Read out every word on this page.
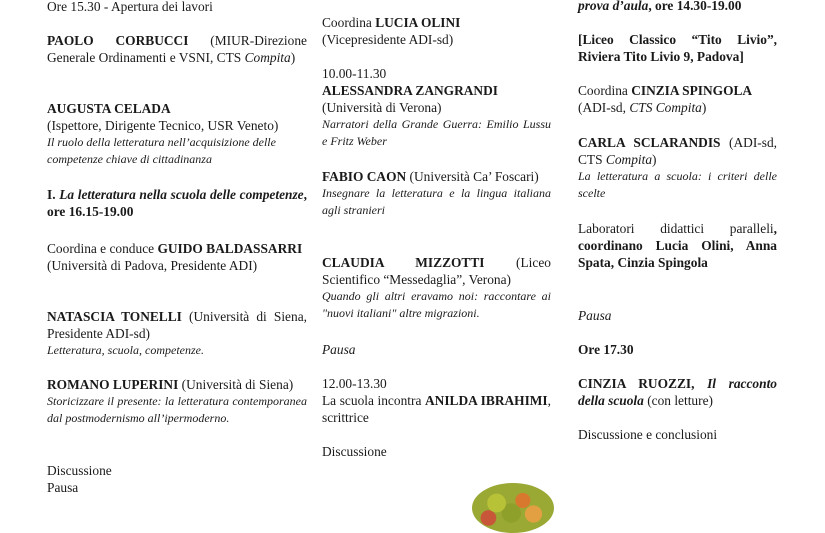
Ore 15.30 - Apertura dei lavori

PAOLO CORBUCCI (MIUR-Direzione Generale Ordinamenti e VSNI, CTS Compita)

AUGUSTA CELADA

(Ispettore, Dirigente Tecnico, USR Veneto)

Il ruolo della letteratura nell’acquisizione delle competenze chiave di cittadinanza

I. La letteratura nella scuola delle competenze, ore 16.15-19.00

Coordina e conduce GUIDO BALDASSARRI

(Università di Padova, Presidente ADI)

NATASCIA TONELLI (Università di Siena, Presidente ADI-sd)

Letteratura, scuola, competenze.

ROMANO LUPERINI (Università di Siena)

Storicizzare il presente: la letteratura contemporanea dal postmodernismo all’ipermoderno.

Discussione

Pausa

Coordina LUCIA OLINI

(Vicepresidente ADI-sd)

10.00-11.30

ALESSANDRA ZANGRANDI

(Università di Verona)

Narratori della Grande Guerra: Emilio Lussu e Fritz Weber

FABIO CAON (Università Ca’ Foscari)

Insegnare la letteratura e la lingua italiana agli stranieri

CLAUDIA MIZZOTTI (Liceo Scientifico “Messedaglia”, Verona)

Quando gli altri eravamo noi: raccontare ai "nuovi italiani" altre migrazioni.

Pausa

12.00-13.30

La scuola incontra ANILDA IBRAHIMI, scrittrice

Discussione

prova d’aula, ore 14.30-19.00

[Liceo Classico “Tito Livio”, Riviera Tito Livio 9, Padova]

Coordina CINZIA SPINGOLA

(ADI-sd, CTS Compita)

CARLA SCLARANDIS (ADI-sd, CTS Compita)

La letteratura a scuola: i criteri delle scelte

Laboratori didattici paralleli, coordinano Lucia Olini, Anna Spata, Cinzia Spingola

Pausa

Ore 17.30

CINZIA RUOZZI, Il racconto della scuola (con letture)

Discussione e conclusioni
